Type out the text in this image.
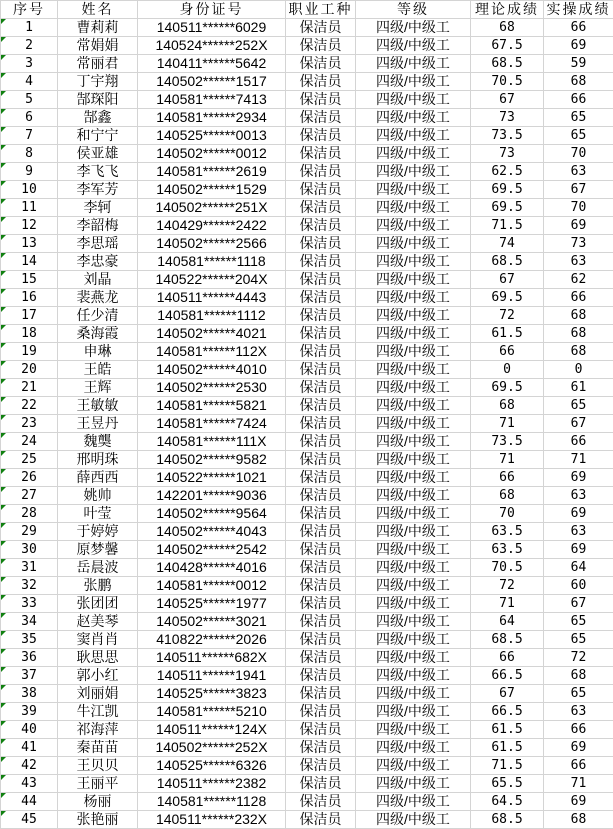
序号	姓名	身份证号	职业工种	等级	理论成绩	实操成绩

1	曹莉莉	140511******6029	保洁员	四级/中级工	68	66

2	常娟娟	140524******252X	保洁员	四级/中级工	67.5	69

3	常丽君	140411******5642	保洁员	四级/中级工	68.5	59

4	丁宇翔	140502******1517	保洁员	四级/中级工	70.5	68

5	郜琛阳	140581******7413	保洁员	四级/中级工	67	66

6	郜鑫	140581******2934	保洁员	四级/中级工	73	65

7	和宁宁	140525******0013	保洁员	四级/中级工	73.5	65

8	侯亚雄	140502******0012	保洁员	四级/中级工	73	70

9	李飞飞	140581******2619	保洁员	四级/中级工	62.5	63

10	李军芳	140502******1529	保洁员	四级/中级工	69.5	67

11	李轲	140502******251X	保洁员	四级/中级工	69.5	70

12	李韶梅	140429******2422	保洁员	四级/中级工	71.5	69

13	李思瑶	140502******2566	保洁员	四级/中级工	74	73

14	李忠豪	140581******1118	保洁员	四级/中级工	68.5	63

15	刘晶	140522******204X	保洁员	四级/中级工	67	62

16	裴燕龙	140511******4443	保洁员	四级/中级工	69.5	66

17	任少清	140581******1112	保洁员	四级/中级工	72	68

18	桑海霞	140502******4021	保洁员	四级/中级工	61.5	68

19	申琳	140581******112X	保洁员	四级/中级工	66	68

20	王皓	140502******4010	保洁员	四级/中级工	0	0

21	王辉	140502******2530	保洁员	四级/中级工	69.5	61

22	王敏敏	140581******5821	保洁员	四级/中级工	68	65

23	王昱丹	140581******7424	保洁员	四级/中级工	71	67

24	魏龑	140581******111X	保洁员	四级/中级工	73.5	66

25	邢明珠	140502******9582	保洁员	四级/中级工	71	71

26	薛西西	140522******1021	保洁员	四级/中级工	66	69

27	姚帅	142201******9036	保洁员	四级/中级工	68	63

28	叶莹	140502******9564	保洁员	四级/中级工	70	69

29	于婷婷	140502******4043	保洁员	四级/中级工	63.5	63

30	原梦馨	140502******2542	保洁员	四级/中级工	63.5	69

31	岳晨波	140428******4016	保洁员	四级/中级工	70.5	64

32	张鹏	140581******0012	保洁员	四级/中级工	72	60

33	张团团	140525******1977	保洁员	四级/中级工	71	67

34	赵美琴	140502******3021	保洁员	四级/中级工	64	65

35	窦肖肖	410822******2026	保洁员	四级/中级工	68.5	65

36	耿思思	140511******682X	保洁员	四级/中级工	66	72

37	郭小红	140511******1941	保洁员	四级/中级工	66.5	68

38	刘丽娟	140525******3823	保洁员	四级/中级工	67	65

39	牛江凯	140581******5210	保洁员	四级/中级工	66.5	63

40	祁海萍	140511******124X	保洁员	四级/中级工	61.5	66

41	秦苗苗	140502******252X	保洁员	四级/中级工	61.5	69

42	王贝贝	140525******6326	保洁员	四级/中级工	71.5	66

43	王丽平	140511******2382	保洁员	四级/中级工	65.5	71

44	杨丽	140581******1128	保洁员	四级/中级工	64.5	69

45	张艳丽	140511******232X	保洁员	四级/中级工	68.5	68
